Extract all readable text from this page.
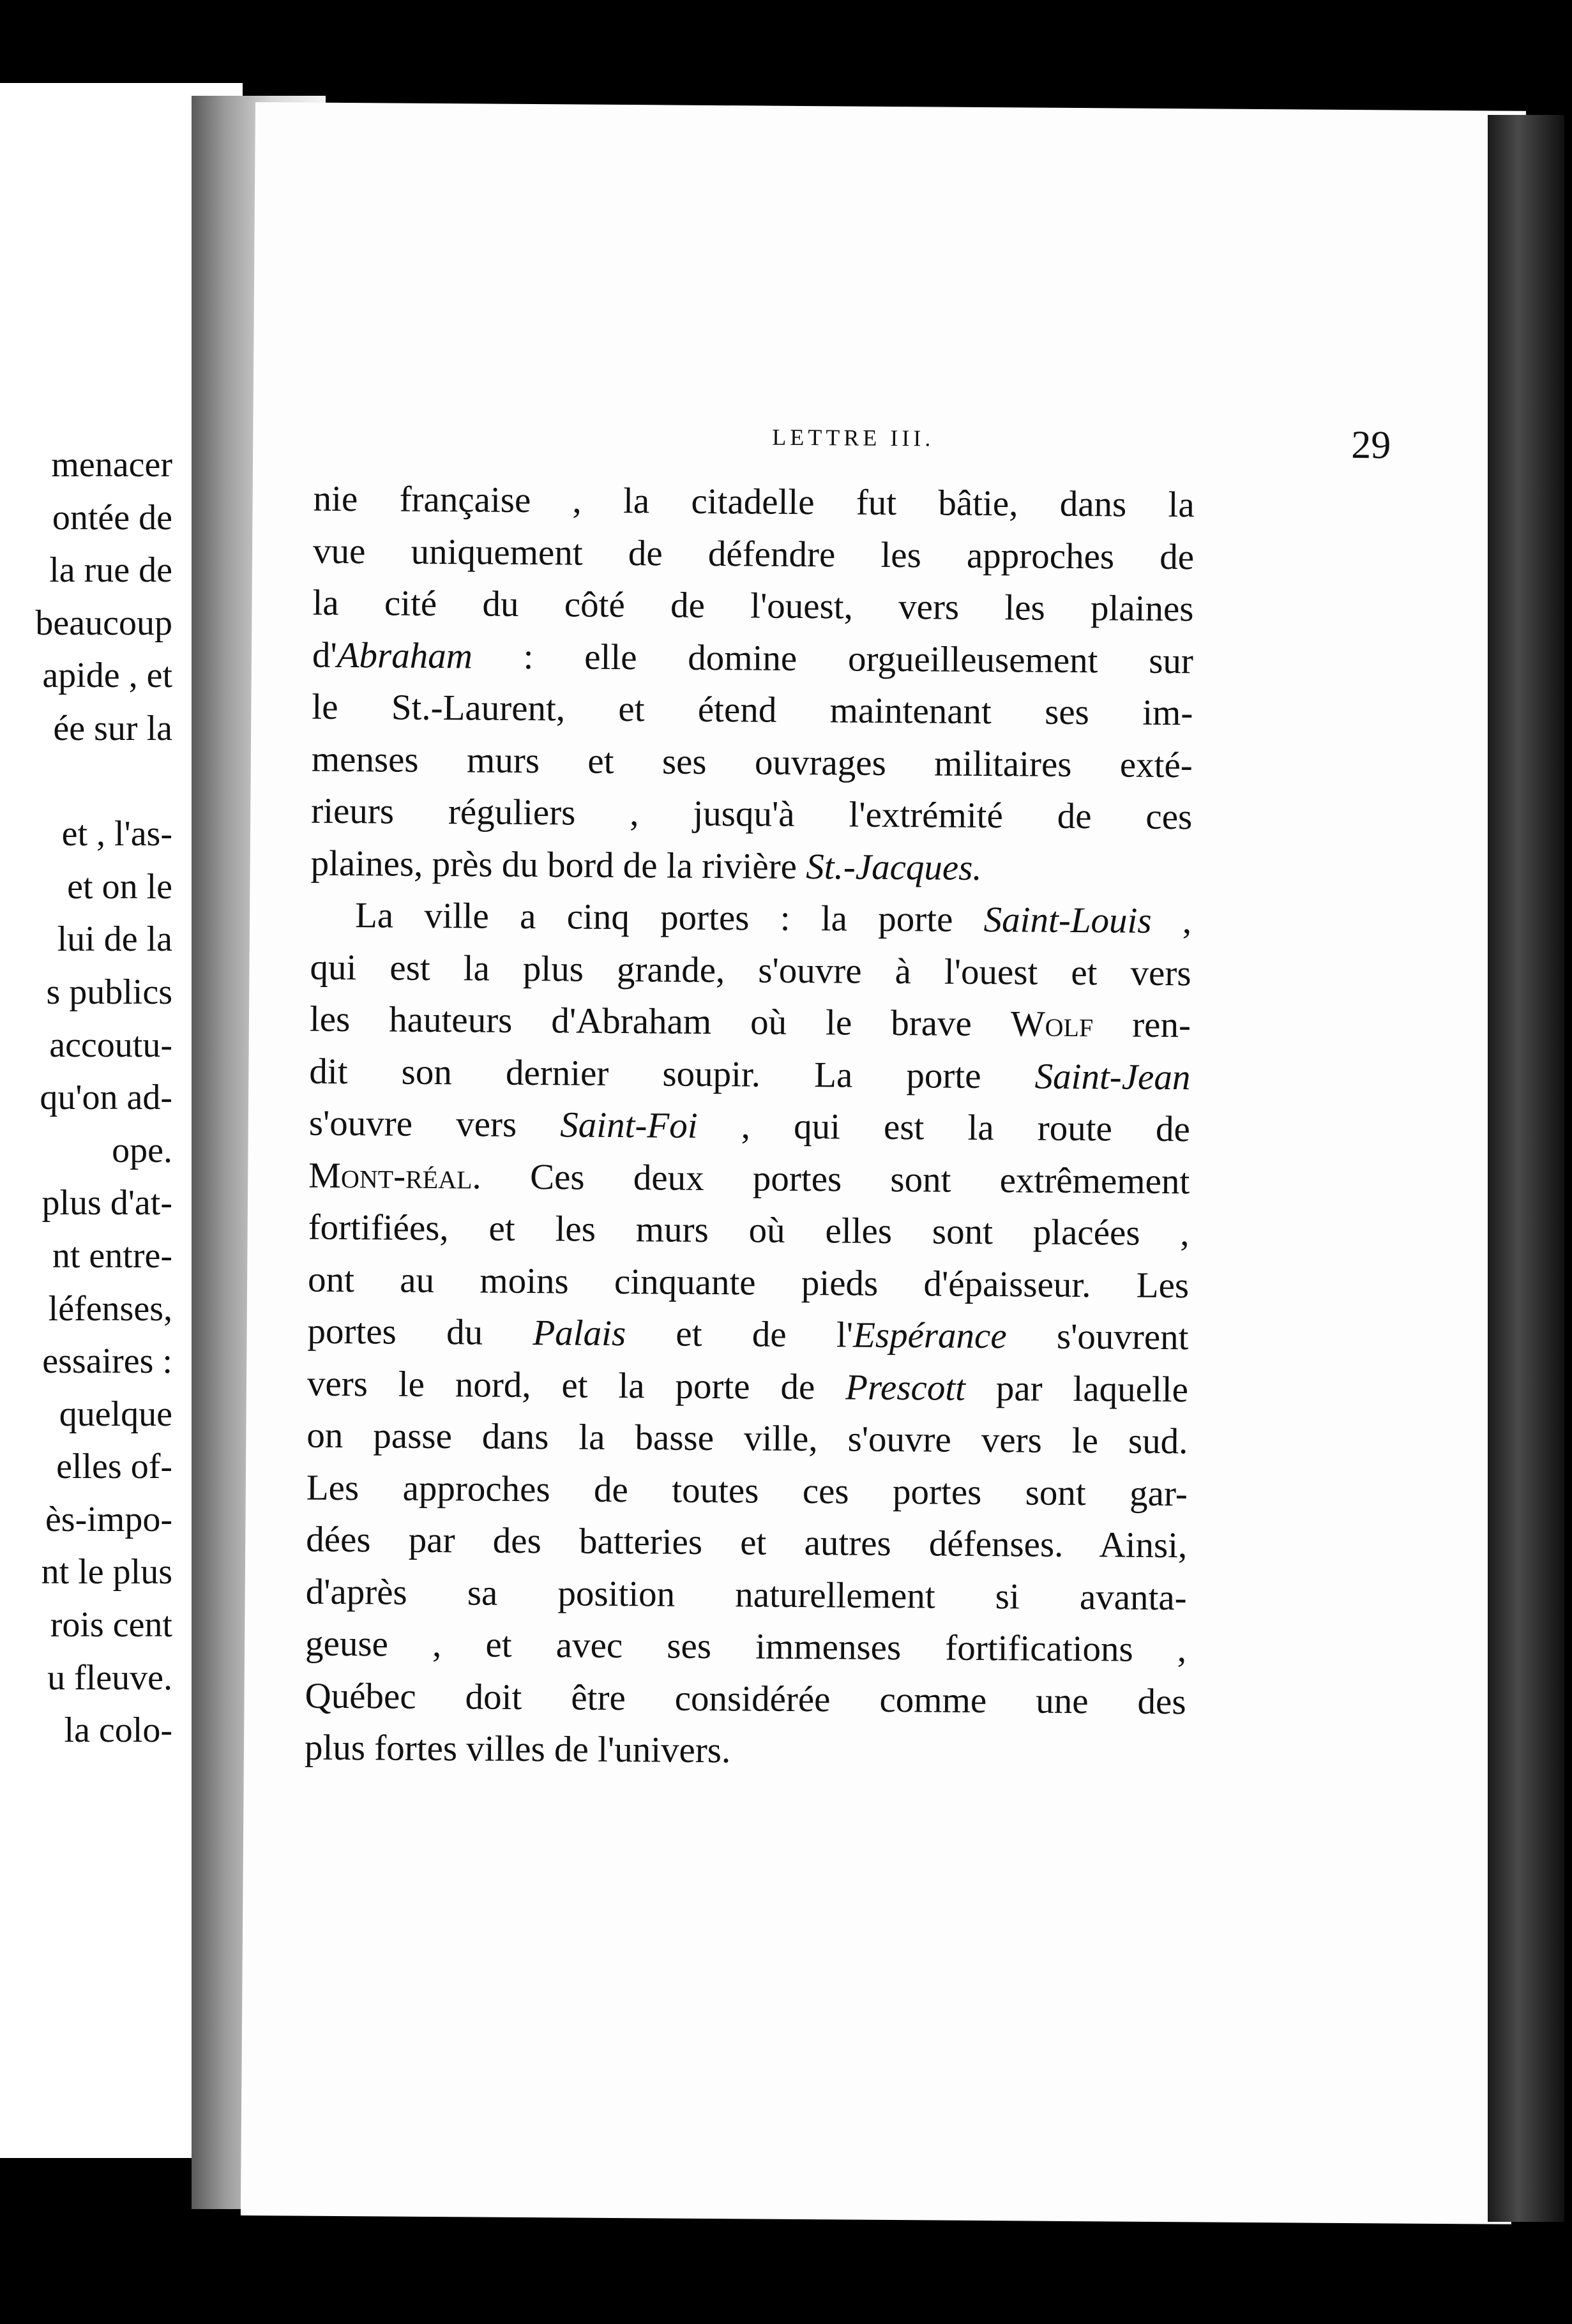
menacer
ontée de
la rue de
beaucoup
apide , et
ée sur la

et , l'as-
et on le
lui de la
s publics
accoutu-
qu'on ad-
ope.
plus d'at-
nt entre-
léfenses,
essaires :
quelque
elles of-
ès-impo-
nt le plus
rois cent
u fleuve.
la colo-
LETTRE III.	29
nie française , la citadelle fut bâtie, dans la
vue uniquement de défendre les approches de
la cité du côté de l'ouest, vers les plaines
d'Abraham : elle domine orgueilleusement sur
le St.-Laurent, et étend maintenant ses im-
menses murs et ses ouvrages militaires exté-
rieurs réguliers , jusqu'à l'extrémité de ces
plaines, près du bord de la rivière St.-Jacques.
La ville a cinq portes : la porte Saint-Louis ,
qui est la plus grande, s'ouvre à l'ouest et vers
les hauteurs d'Abraham où le brave Wolf ren-
dit son dernier soupir. La porte Saint-Jean
s'ouvre vers Saint-Foi , qui est la route de
Mont-réal. Ces deux portes sont extrêmement
fortifiées, et les murs où elles sont placées ,
ont au moins cinquante pieds d'épaisseur. Les
portes du Palais et de l'Espérance s'ouvrent
vers le nord, et la porte de Prescott par laquelle
on passe dans la basse ville, s'ouvre vers le sud.
Les approches de toutes ces portes sont gar-
dées par des batteries et autres défenses. Ainsi,
d'après sa position naturellement si avanta-
geuse , et avec ses immenses fortifications ,
Québec doit être considérée comme une des
plus fortes villes de l'univers.
